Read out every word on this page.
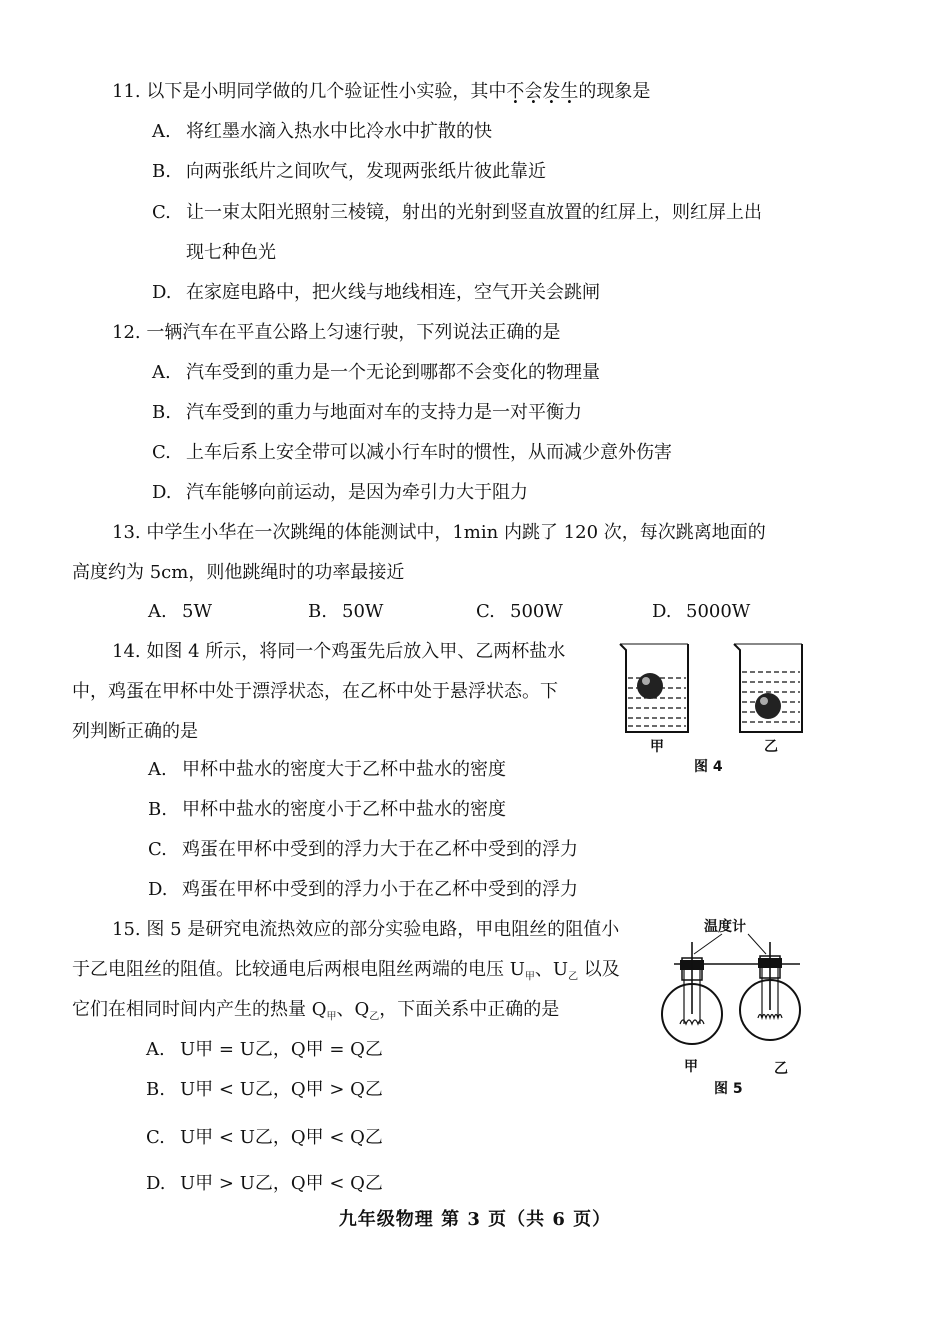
11. 以下是小明同学做的几个验证性小实验，其中不会发生的现象是
A. 将红墨水滴入热水中比冷水中扩散的快
B. 向两张纸片之间吹气，发现两张纸片彼此靠近
C. 让一束太阳光照射三棱镜，射出的光射到竖直放置的红屏上，则红屏上出
现七种色光
D. 在家庭电路中，把火线与地线相连，空气开关会跳闸
12. 一辆汽车在平直公路上匀速行驶，下列说法正确的是
A. 汽车受到的重力是一个无论到哪都不会变化的物理量
B. 汽车受到的重力与地面对车的支持力是一对平衡力
C. 上车后系上安全带可以减小行车时的惯性，从而减少意外伤害
D. 汽车能够向前运动，是因为牵引力大于阻力
13. 中学生小华在一次跳绳的体能测试中，1min 内跳了 120 次，每次跳离地面的
高度约为 5cm，则他跳绳时的功率最接近
A. 5W	B. 50W	C. 500W	D. 5000W
14. 如图 4 所示，将同一个鸡蛋先后放入甲、乙两杯盐水
中，鸡蛋在甲杯中处于漂浮状态，在乙杯中处于悬浮状态。下
列判断正确的是
A. 甲杯中盐水的密度大于乙杯中盐水的密度
B. 甲杯中盐水的密度小于乙杯中盐水的密度
C. 鸡蛋在甲杯中受到的浮力大于在乙杯中受到的浮力
D. 鸡蛋在甲杯中受到的浮力小于在乙杯中受到的浮力
甲	乙
图 4
15. 图 5 是研究电流热效应的部分实验电路，甲电阻丝的阻值小
于乙电阻丝的阻值。比较通电后两根电阻丝两端的电压 $U_甲$、$U_乙$ 以及
它们在相同时间内产生的热量 $Q_甲$、$Q_乙$，下面关系中正确的是
A. U甲 = U乙，Q甲 = Q乙
B. U甲 < U乙，Q甲 > Q乙
C. U甲 < U乙，Q甲 < Q乙
D. U甲 > U乙，Q甲 < Q乙
温度计
甲	乙
图 5
九年级物理 第 3 页（共 6 页）
